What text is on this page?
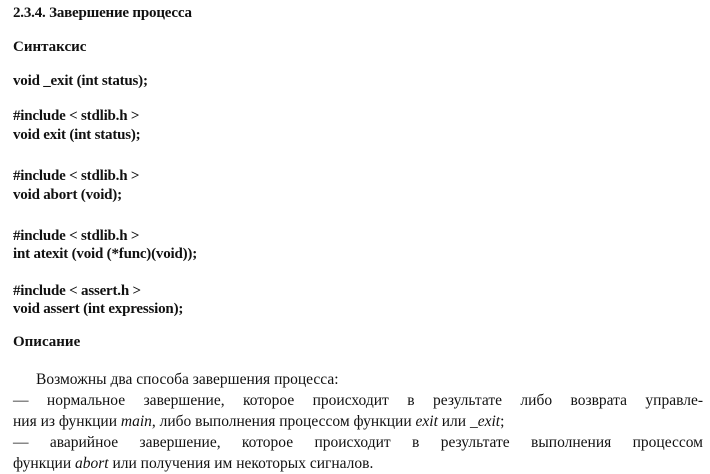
2.3.4. Завершение процесса
Синтаксис
void _exit (int status);
#include < stdlib.h >
void exit (int status);
#include < stdlib.h >
void abort (void);
#include < stdlib.h >
int atexit (void (*func)(void));
#include < assert.h >
void assert (int expression);
Описание
Возможны два способа завершения процесса:
— нормальное завершение, которое происходит в результате либо возврата управле-
ния из функции main, либо выполнения процессом функции exit или _exit;
— аварийное завершение, которое происходит в результате выполнения процессом
функции abort или получения им некоторых сигналов.
